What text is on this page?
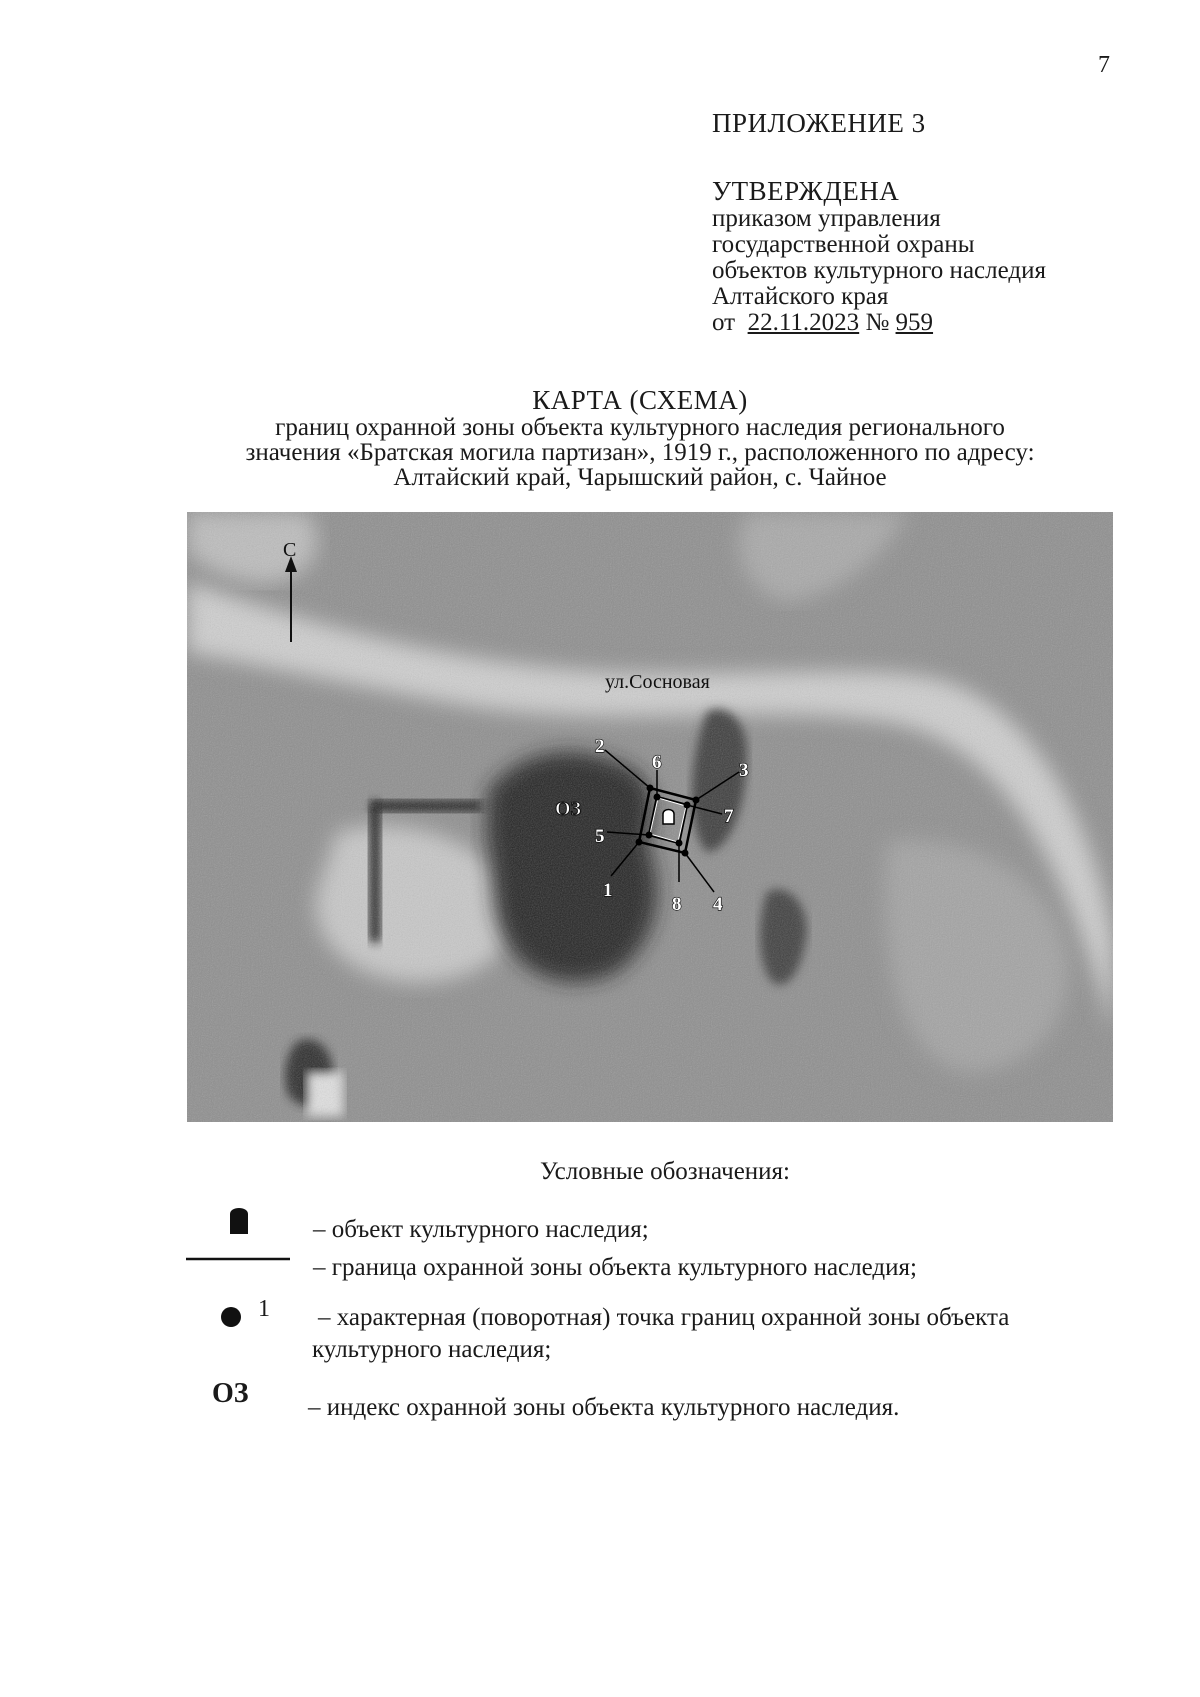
7
ПРИЛОЖЕНИЕ 3
УТВЕРЖДЕНА
приказом управления
государственной охраны
объектов культурного наследия
Алтайского края
от 22.11.2023 № 959
КАРТА (СХЕМА)
границ охранной зоны объекта культурного наследия регионального
значения «Братская могила партизан», 1919 г., расположенного по адресу:
Алтайский край, Чарышский район, с. Чайное
С
ул.Сосновая
ОЗ
1
2
3
4
5
6
7
8
Условные обозначения:
1
ОЗ
– объект культурного наследия;
– граница охранной зоны объекта культурного наследия;
– характерная (поворотная) точка границ охранной зоны объекта
культурного наследия;
– индекс охранной зоны объекта культурного наследия.
